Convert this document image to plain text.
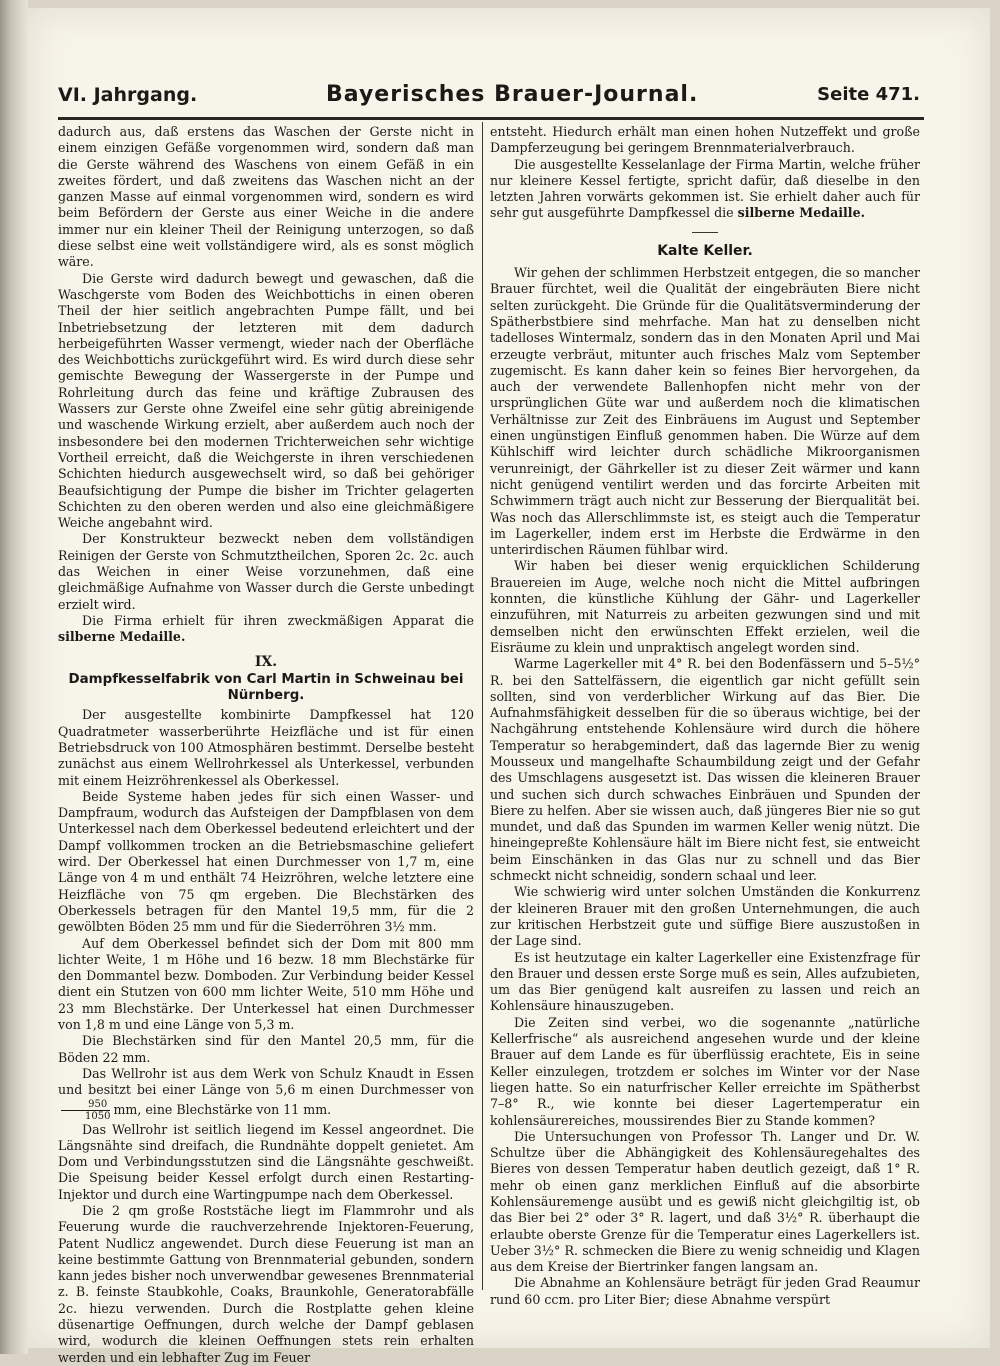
VI. Jahrgang.	Bayerisches Brauer-Journal.	Seite 471.

dadurch aus, daß erstens das Waschen der Gerste nicht in einem einzigen Gefäße vorgenommen wird, sondern daß man die Gerste während des Waschens von einem Gefäß in ein zweites fördert, und daß zweitens das Waschen nicht an der ganzen Masse auf einmal vorgenommen wird, sondern es wird beim Befördern der Gerste aus einer Weiche in die andere immer nur ein kleiner Theil der Reinigung unterzogen, so daß diese selbst eine weit vollständigere wird, als es sonst möglich wäre.

Die Gerste wird dadurch bewegt und gewaschen, daß die Waschgerste vom Boden des Weichbottichs in einen oberen Theil der hier seitlich angebrachten Pumpe fällt, und bei Inbetriebsetzung der letzteren mit dem dadurch herbeigeführten Wasser vermengt, wieder nach der Oberfläche des Weichbottichs zurückgeführt wird. Es wird durch diese sehr gemischte Bewegung der Wassergerste in der Pumpe und Rohrleitung durch das feine und kräftige Zubrausen des Wassers zur Gerste ohne Zweifel eine sehr gütig abreinigende und waschende Wirkung erzielt, aber außerdem auch noch der insbesondere bei den modernen Trichterweichen sehr wichtige Vortheil erreicht, daß die Weichgerste in ihren verschiedenen Schichten hiedurch ausgewechselt wird, so daß bei gehöriger Beaufsichtigung der Pumpe die bisher im Trichter gelagerten Schichten zu den oberen werden und also eine gleichmäßigere Weiche angebahnt wird.

Der Konstrukteur bezweckt neben dem vollständigen Reinigen der Gerste von Schmutztheilchen, Sporen 2c. 2c. auch das Weichen in einer Weise vorzunehmen, daß eine gleichmäßige Aufnahme von Wasser durch die Gerste unbedingt erzielt wird.

Die Firma erhielt für ihren zweckmäßigen Apparat die silberne Medaille.

IX.
Dampfkesselfabrik von Carl Martin in Schweinau bei Nürnberg.

Der ausgestellte kombinirte Dampfkessel hat 120 Quadratmeter wasserberührte Heizfläche und ist für einen Betriebsdruck von 100 Atmosphären bestimmt. Derselbe besteht zunächst aus einem Wellrohrkessel als Unterkessel, verbunden mit einem Heizröhrenkessel als Oberkessel.

Beide Systeme haben jedes für sich einen Wasser- und Dampfraum, wodurch das Aufsteigen der Dampfblasen von dem Unterkessel nach dem Oberkessel bedeutend erleichtert und der Dampf vollkommen trocken an die Betriebsmaschine geliefert wird. Der Oberkessel hat einen Durchmesser von 1,7 m, eine Länge von 4 m und enthält 74 Heizröhren, welche letztere eine Heizfläche von 75 qm ergeben. Die Blechstärken des Oberkessels betragen für den Mantel 19,5 mm, für die 2 gewölbten Böden 25 mm und für die Siederröhren 3½ mm.

Auf dem Oberkessel befindet sich der Dom mit 800 mm lichter Weite, 1 m Höhe und 16 bezw. 18 mm Blechstärke für den Dommantel bezw. Domboden. Zur Verbindung beider Kessel dient ein Stutzen von 600 mm lichter Weite, 510 mm Höhe und 23 mm Blechstärke. Der Unterkessel hat einen Durchmesser von 1,8 m und eine Länge von 5,3 m.

Die Blechstärken sind für den Mantel 20,5 mm, für die Böden 22 mm.

Das Wellrohr ist aus dem Werk von Schulz Knaudt in Essen und besitzt bei einer Länge von 5,6 m einen Durchmesser von
$\frac{950}{1050}$ mm, eine Blechstärke von 11 mm.

Das Wellrohr ist seitlich liegend im Kessel angeordnet. Die Längsnähte sind dreifach, die Rundnähte doppelt genietet. Am Dom und Verbindungsstutzen sind die Längsnähte geschweißt. Die Speisung beider Kessel erfolgt durch einen Restarting-Injektor und durch eine Wartingpumpe nach dem Oberkessel.

Die 2 qm große Roststäche liegt im Flammrohr und als Feuerung wurde die rauchverzehrende Injektoren-Feuerung, Patent Nudlicz angewendet. Durch diese Feuerung ist man an keine bestimmte Gattung von Brennmaterial gebunden, sondern kann jedes bisher noch unverwendbar gewesenes Brennmaterial z. B. feinste Staubkohle, Coaks, Braunkohle, Generatorabfälle 2c. hiezu verwenden. Durch die Rostplatte gehen kleine düsenartige Oeffnungen, durch welche der Dampf geblasen wird, wodurch die kleinen Oeffnungen stets rein erhalten werden und ein lebhafter Zug im Feuer

entsteht. Hiedurch erhält man einen hohen Nutzeffekt und große Dampferzeugung bei geringem Brennmaterialverbrauch.

Die ausgestellte Kesselanlage der Firma Martin, welche früher nur kleinere Kessel fertigte, spricht dafür, daß dieselbe in den letzten Jahren vorwärts gekommen ist. Sie erhielt daher auch für sehr gut ausgeführte Dampfkessel die silberne Medaille.

Kalte Keller.

Wir gehen der schlimmen Herbstzeit entgegen, die so mancher Brauer fürchtet, weil die Qualität der eingebräuten Biere nicht selten zurückgeht. Die Gründe für die Qualitätsverminderung der Spätherbstbiere sind mehrfache. Man hat zu denselben nicht tadelloses Wintermalz, sondern das in den Monaten April und Mai erzeugte verbräut, mitunter auch frisches Malz vom September zugemischt. Es kann daher kein so feines Bier hervorgehen, da auch der verwendete Ballenhopfen nicht mehr von der ursprünglichen Güte war und außerdem noch die klimatischen Verhältnisse zur Zeit des Einbräuens im August und September einen ungünstigen Einfluß genommen haben. Die Würze auf dem Kühlschiff wird leichter durch schädliche Mikroorganismen verunreinigt, der Gährkeller ist zu dieser Zeit wärmer und kann nicht genügend ventilirt werden und das forcirte Arbeiten mit Schwimmern trägt auch nicht zur Besserung der Bierqualität bei. Was noch das Allerschlimmste ist, es steigt auch die Temperatur im Lagerkeller, indem erst im Herbste die Erdwärme in den unterirdischen Räumen fühlbar wird.

Wir haben bei dieser wenig erquicklichen Schilderung Brauereien im Auge, welche noch nicht die Mittel aufbringen konnten, die künstliche Kühlung der Gähr- und Lagerkeller einzuführen, mit Naturreis zu arbeiten gezwungen sind und mit demselben nicht den erwünschten Effekt erzielen, weil die Eisräume zu klein und unpraktisch angelegt worden sind.

Warme Lagerkeller mit 4° R. bei den Bodenfässern und 5–5½° R. bei den Sattelfässern, die eigentlich gar nicht gefüllt sein sollten, sind von verderblicher Wirkung auf das Bier. Die Aufnahmsfähigkeit desselben für die so überaus wichtige, bei der Nachgährung entstehende Kohlensäure wird durch die höhere Temperatur so herabgemindert, daß das lagernde Bier zu wenig Mousseux und mangelhafte Schaumbildung zeigt und der Gefahr des Umschlagens ausgesetzt ist. Das wissen die kleineren Brauer und suchen sich durch schwaches Einbräuen und Spunden der Biere zu helfen. Aber sie wissen auch, daß jüngeres Bier nie so gut mundet, und daß das Spunden im warmen Keller wenig nützt. Die hineingepreßte Kohlensäure hält im Biere nicht fest, sie entweicht beim Einschänken in das Glas nur zu schnell und das Bier schmeckt nicht schneidig, sondern schaal und leer.

Wie schwierig wird unter solchen Umständen die Konkurrenz der kleineren Brauer mit den großen Unternehmungen, die auch zur kritischen Herbstzeit gute und süffige Biere auszustoßen in der Lage sind.

Es ist heutzutage ein kalter Lagerkeller eine Existenzfrage für den Brauer und dessen erste Sorge muß es sein, Alles aufzubieten, um das Bier genügend kalt ausreifen zu lassen und reich an Kohlensäure hinauszugeben.

Die Zeiten sind verbei, wo die sogenannte „natürliche Kellerfrische“ als ausreichend angesehen wurde und der kleine Brauer auf dem Lande es für überflüssig erachtete, Eis in seine Keller einzulegen, trotzdem er solches im Winter vor der Nase liegen hatte. So ein naturfrischer Keller erreichte im Spätherbst 7–8° R., wie konnte bei dieser Lagertemperatur ein kohlensäurereiches, moussirendes Bier zu Stande kommen?

Die Untersuchungen von Professor Th. Langer und Dr. W. Schultze über die Abhängigkeit des Kohlensäuregehaltes des Bieres von dessen Temperatur haben deutlich gezeigt, daß 1° R. mehr ob einen ganz merklichen Einfluß auf die absorbirte Kohlensäuremenge ausübt und es gewiß nicht gleichgiltig ist, ob das Bier bei 2° oder 3° R. lagert, und daß 3½° R. überhaupt die erlaubte oberste Grenze für die Temperatur eines Lagerkellers ist. Ueber 3½° R. schmecken die Biere zu wenig schneidig und Klagen aus dem Kreise der Biertrinker fangen langsam an.

Die Abnahme an Kohlensäure beträgt für jeden Grad Reaumur rund 60 ccm. pro Liter Bier; diese Abnahme verspürt
